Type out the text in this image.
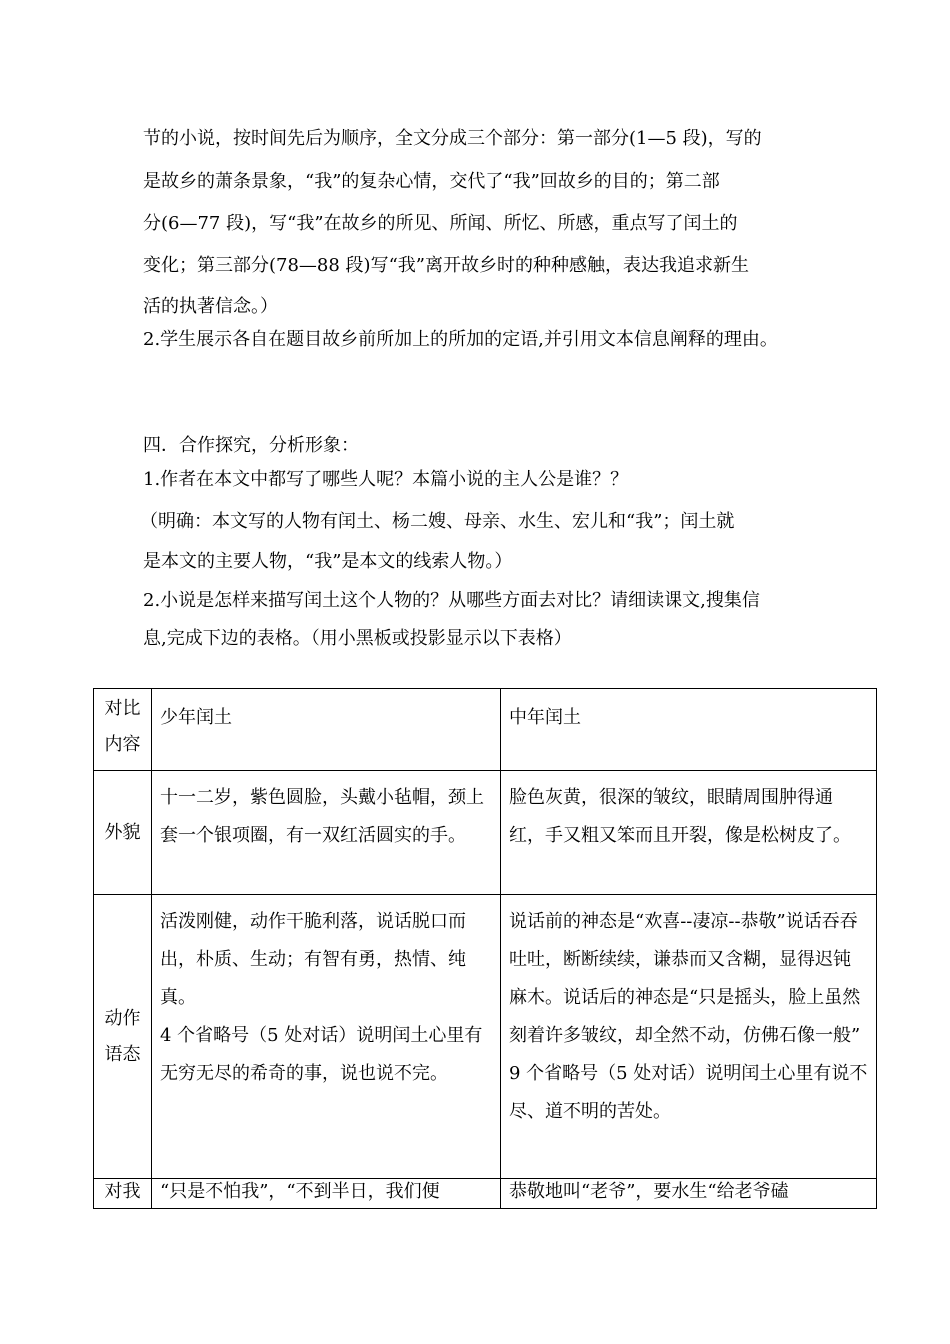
节的小说，按时间先后为顺序，全文分成三个部分：第一部分(1—5 段)，写的
是故乡的萧条景象，“我”的复杂心情，交代了“我”回故乡的目的；第二部
分(6—77 段)，写“我”在故乡的所见、所闻、所忆、所感，重点写了闰土的
变化；第三部分(78—88 段)写“我”离开故乡时的种种感触，表达我追求新生
活的执著信念。）
2.学生展示各自在题目故乡前所加上的所加的定语,并引用文本信息阐释的理由。
四．合作探究，分析形象：
1.作者在本文中都写了哪些人呢？本篇小说的主人公是谁？？
（明确：本文写的人物有闰土、杨二嫂、母亲、水生、宏儿和“我”；闰土就
是本文的主要人物，“我”是本文的线索人物。）
2.小说是怎样来描写闰土这个人物的？从哪些方面去对比？请细读课文,搜集信
息,完成下边的表格。（用小黑板或投影显示以下表格）
对比内容	少年闰土	中年闰土
外貌	十一二岁，紫色圆脸，头戴小毡帽，颈上套一个银项圈，有一双红活圆实的手。	脸色灰黄，很深的皱纹，眼睛周围肿得通红，手又粗又笨而且开裂，像是松树皮了。

动作语态	活泼刚健，动作干脆利落，说话脱口而出，朴质、生动；有智有勇，热情、纯真。
4 个省略号（5 处对话）说明闰土心里有无穷无尽的希奇的事，说也说不完。	说话前的神态是“欢喜--凄凉--恭敬”说话吞吞吐吐，断断续续，谦恭而又含糊，显得迟钝麻木。说话后的神态是“只是摇头，脸上虽然刻着许多皱纹，却全然不动，仿佛石像一般”
9 个省略号（5 处对话）说明闰土心里有说不尽、道不明的苦处。

对我	“只是不怕我”，“不到半日，我们便	恭敬地叫“老爷”，要水生“给老爷磕
